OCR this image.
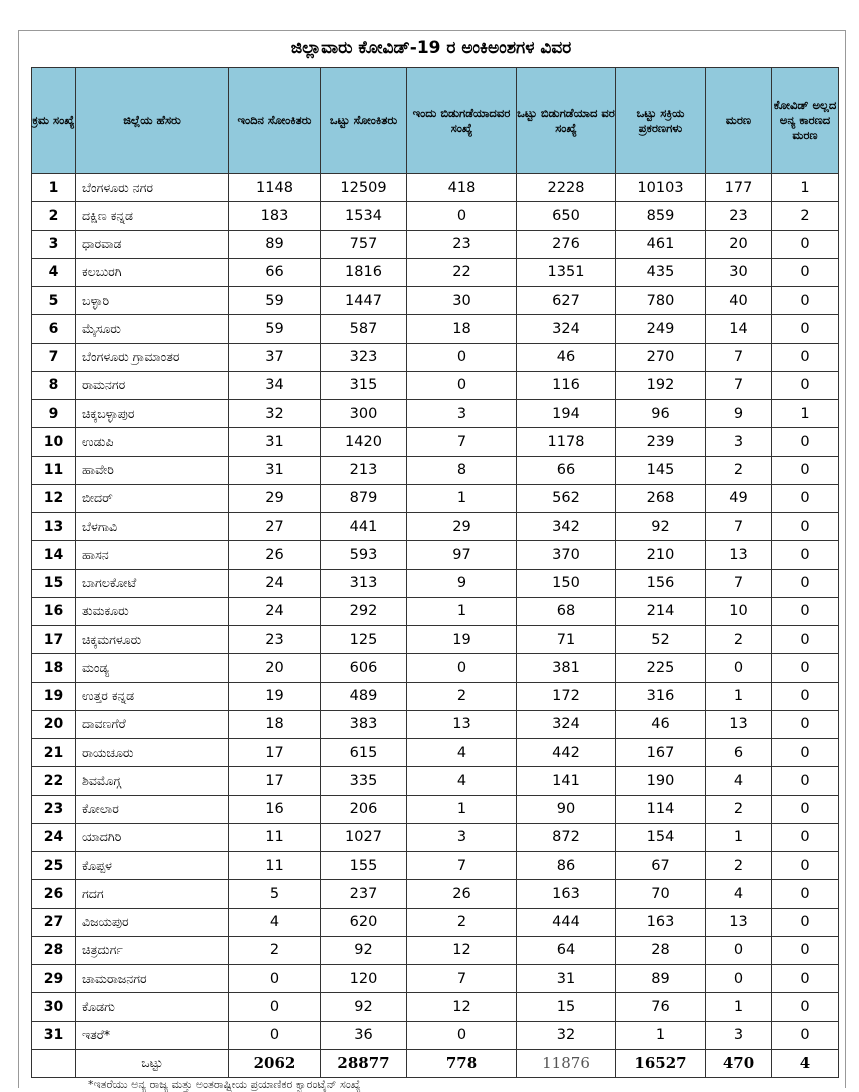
ಜಿಲ್ಲಾವಾರು ಕೋವಿಡ್-19 ರ ಅಂಕಿಅಂಶಗಳ ವಿವರ
ಕ್ರಮ ಸಂಖ್ಯೆ	ಜಿಲ್ಲೆಯ ಹೆಸರು	ಇಂದಿನ ಸೋಂಕಿತರು	ಒಟ್ಟು ಸೋಂಕಿತರು	ಇಂದು ಬಿಡುಗಡೆಯಾದವರ ಸಂಖ್ಯೆ	ಒಟ್ಟು ಬಿಡುಗಡೆಯಾದ ವರ ಸಂಖ್ಯೆ	ಒಟ್ಟು ಸಕ್ರಿಯ ಪ್ರಕರಣಗಳು	ಮರಣ	ಕೋವಿಡ್ ಅಲ್ಲದ ಅನ್ಯ ಕಾರಣದ ಮರಣ
1	ಬೆಂಗಳೂರು ನಗರ	1148	12509	418	2228	10103	177	1
2	ದಕ್ಷಿಣ ಕನ್ನಡ	183	1534	0	650	859	23	2
3	ಧಾರವಾಡ	89	757	23	276	461	20	0
4	ಕಲಬುರಗಿ	66	1816	22	1351	435	30	0
5	ಬಳ್ಳಾರಿ	59	1447	30	627	780	40	0
6	ಮೈಸೂರು	59	587	18	324	249	14	0
7	ಬೆಂಗಳೂರು ಗ್ರಾಮಾಂತರ	37	323	0	46	270	7	0
8	ರಾಮನಗರ	34	315	0	116	192	7	0
9	ಚಿಕ್ಕಬಳ್ಳಾಪುರ	32	300	3	194	96	9	1
10	ಉಡುಪಿ	31	1420	7	1178	239	3	0
11	ಹಾವೇರಿ	31	213	8	66	145	2	0
12	ಬೀದರ್	29	879	1	562	268	49	0
13	ಬೆಳಗಾವಿ	27	441	29	342	92	7	0
14	ಹಾಸನ	26	593	97	370	210	13	0
15	ಬಾಗಲಕೋಟೆ	24	313	9	150	156	7	0
16	ತುಮಕೂರು	24	292	1	68	214	10	0
17	ಚಿಕ್ಕಮಗಳೂರು	23	125	19	71	52	2	0
18	ಮಂಡ್ಯ	20	606	0	381	225	0	0
19	ಉತ್ತರ ಕನ್ನಡ	19	489	2	172	316	1	0
20	ದಾವಣಗೆರೆ	18	383	13	324	46	13	0
21	ರಾಯಚೂರು	17	615	4	442	167	6	0
22	ಶಿವಮೊಗ್ಗ	17	335	4	141	190	4	0
23	ಕೋಲಾರ	16	206	1	90	114	2	0
24	ಯಾದಗಿರಿ	11	1027	3	872	154	1	0
25	ಕೊಪ್ಪಳ	11	155	7	86	67	2	0
26	ಗದಗ	5	237	26	163	70	4	0
27	ವಿಜಯಪುರ	4	620	2	444	163	13	0
28	ಚಿತ್ರದುರ್ಗ	2	92	12	64	28	0	0
29	ಚಾಮರಾಜನಗರ	0	120	7	31	89	0	0
30	ಕೊಡಗು	0	92	12	15	76	1	0
31	ಇತರೆ*	0	36	0	32	1	3	0
	ಒಟ್ಟು	2062	28877	778	11876	16527	470	4
*ಇತರೆಯು ಅನ್ಯ ರಾಜ್ಯ ಮತ್ತು ಅಂತರಾಷ್ಟ್ರೀಯ ಪ್ರಯಾಣಿಕರ ಕ್ವಾರಂಟೈನ್ ಸಂಖ್ಯೆ
